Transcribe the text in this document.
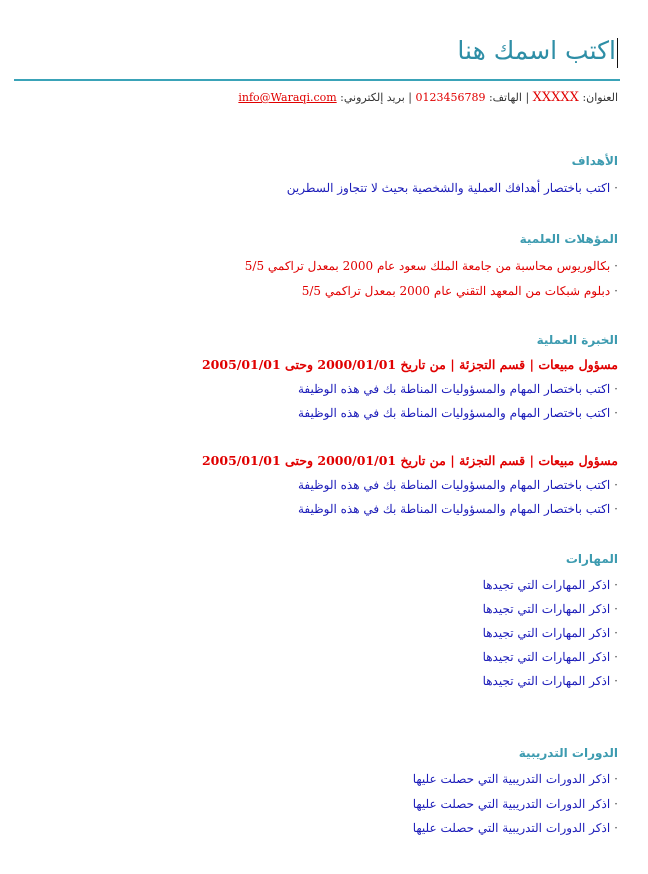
اكتب اسمك هنا
العنوان: XXXXX | الهاتف: 0123456789 | بريد إلكتروني: info@Waraqi.com
الأهداف
·اكتب باختصار أهدافك العملية والشخصية بحيث لا تتجاوز السطرين
المؤهلات العلمية
·بكالوريوس محاسبة من جامعة الملك سعود عام 2000 بمعدل تراكمي 5/5
·دبلوم شبكات من المعهد التقني عام 2000 بمعدل تراكمي 5/5
الخبرة العملية
مسؤول مبيعات | قسم التجزئة | من تاريخ 2000/01/01 وحتى 2005/01/01
·اكتب باختصار المهام والمسؤوليات المناطة بك في هذه الوظيفة
·اكتب باختصار المهام والمسؤوليات المناطة بك في هذه الوظيفة
مسؤول مبيعات | قسم التجزئة | من تاريخ 2000/01/01 وحتى 2005/01/01
·اكتب باختصار المهام والمسؤوليات المناطة بك في هذه الوظيفة
·اكتب باختصار المهام والمسؤوليات المناطة بك في هذه الوظيفة
المهارات
·اذكر المهارات التي تجيدها
·اذكر المهارات التي تجيدها
·اذكر المهارات التي تجيدها
·اذكر المهارات التي تجيدها
·اذكر المهارات التي تجيدها
الدورات التدريبية
·اذكر الدورات التدريبية التي حصلت عليها
·اذكر الدورات التدريبية التي حصلت عليها
·اذكر الدورات التدريبية التي حصلت عليها
